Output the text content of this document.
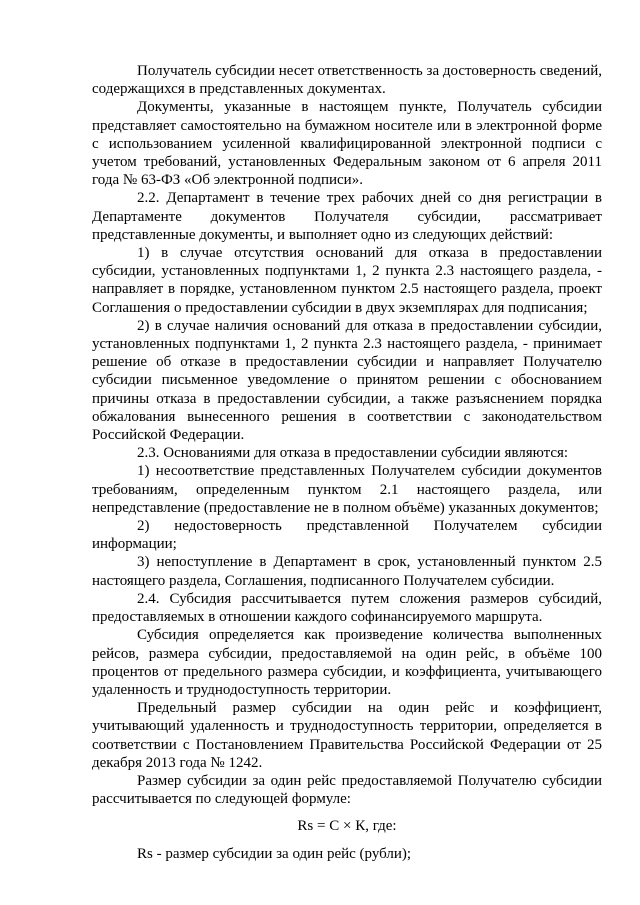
Получатель субсидии несет ответственность за достоверность сведений, содержащихся в представленных документах.

Документы, указанные в настоящем пункте, Получатель субсидии представляет самостоятельно на бумажном носителе или в электронной форме с использованием усиленной квалифицированной электронной подписи с учетом требований, установленных Федеральным законом от 6 апреля 2011 года № 63-ФЗ «Об электронной подписи».

2.2. Департамент в течение трех рабочих дней со дня регистрации в Департаменте документов Получателя субсидии, рассматривает представленные документы, и выполняет одно из следующих действий:

1) в случае отсутствия оснований для отказа в предоставлении субсидии, установленных подпунктами 1, 2 пункта 2.3 настоящего раздела, - направляет в порядке, установленном пунктом 2.5 настоящего раздела, проект Соглашения о предоставлении субсидии в двух экземплярах для подписания;

2) в случае наличия оснований для отказа в предоставлении субсидии, установленных подпунктами 1, 2 пункта 2.3 настоящего раздела, - принимает решение об отказе в предоставлении субсидии и направляет Получателю субсидии письменное уведомление о принятом решении с обоснованием причины отказа в предоставлении субсидии, а также разъяснением порядка обжалования вынесенного решения в соответствии с законодательством Российской Федерации.

2.3. Основаниями для отказа в предоставлении субсидии являются:

1) несоответствие представленных Получателем субсидии документов требованиям, определенным пунктом 2.1 настоящего раздела, или непредставление (предоставление не в полном объёме) указанных документов;

2) недостоверность представленной Получателем субсидии информации;

3) непоступление в Департамент в срок, установленный пунктом 2.5 настоящего раздела, Соглашения, подписанного Получателем субсидии.

2.4. Субсидия рассчитывается путем сложения размеров субсидий, предоставляемых в отношении каждого софинансируемого маршрута.

Субсидия определяется как произведение количества выполненных рейсов, размера субсидии, предоставляемой на один рейс, в объёме 100 процентов от предельного размера субсидии, и коэффициента, учитывающего удаленность и труднодоступность территории.

Предельный размер субсидии на один рейс и коэффициент, учитывающий удаленность и труднодоступность территории, определяется в соответствии с Постановлением Правительства Российской Федерации от 25 декабря 2013 года № 1242.

Размер субсидии за один рейс предоставляемой Получателю субсидии рассчитывается по следующей формуле:

Rs = С × К, где:

Rs - размер субсидии за один рейс (рубли);
